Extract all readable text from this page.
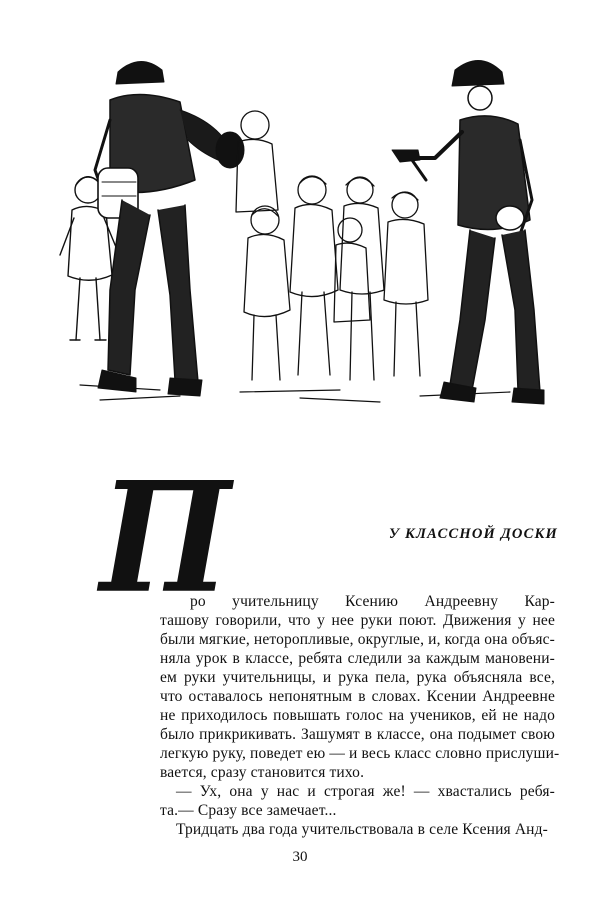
П	У КЛАССНОЙ ДОСКИ
ро учительницу Ксению Андреевну Кар-
ташову говорили, что у нее руки поют. Движения у нее
были мягкие, неторопливые, округлые, и, когда она объяс-
няла урок в классе, ребята следили за каждым мановени-
ем руки учительницы, и рука пела, рука объясняла все,
что оставалось непонятным в словах. Ксении Андреевне
не приходилось повышать голос на учеников, ей не надо
было прикрикивать. Зашумят в классе, она подымет свою
легкую руку, поведет ею — и весь класс словно прислуши-
вается, сразу становится тихо.
— Ух, она у нас и строгая же! — хвастались ребя-
та.— Сразу все замечает...
Тридцать два года учительствовала в селе Ксения Анд-
30
